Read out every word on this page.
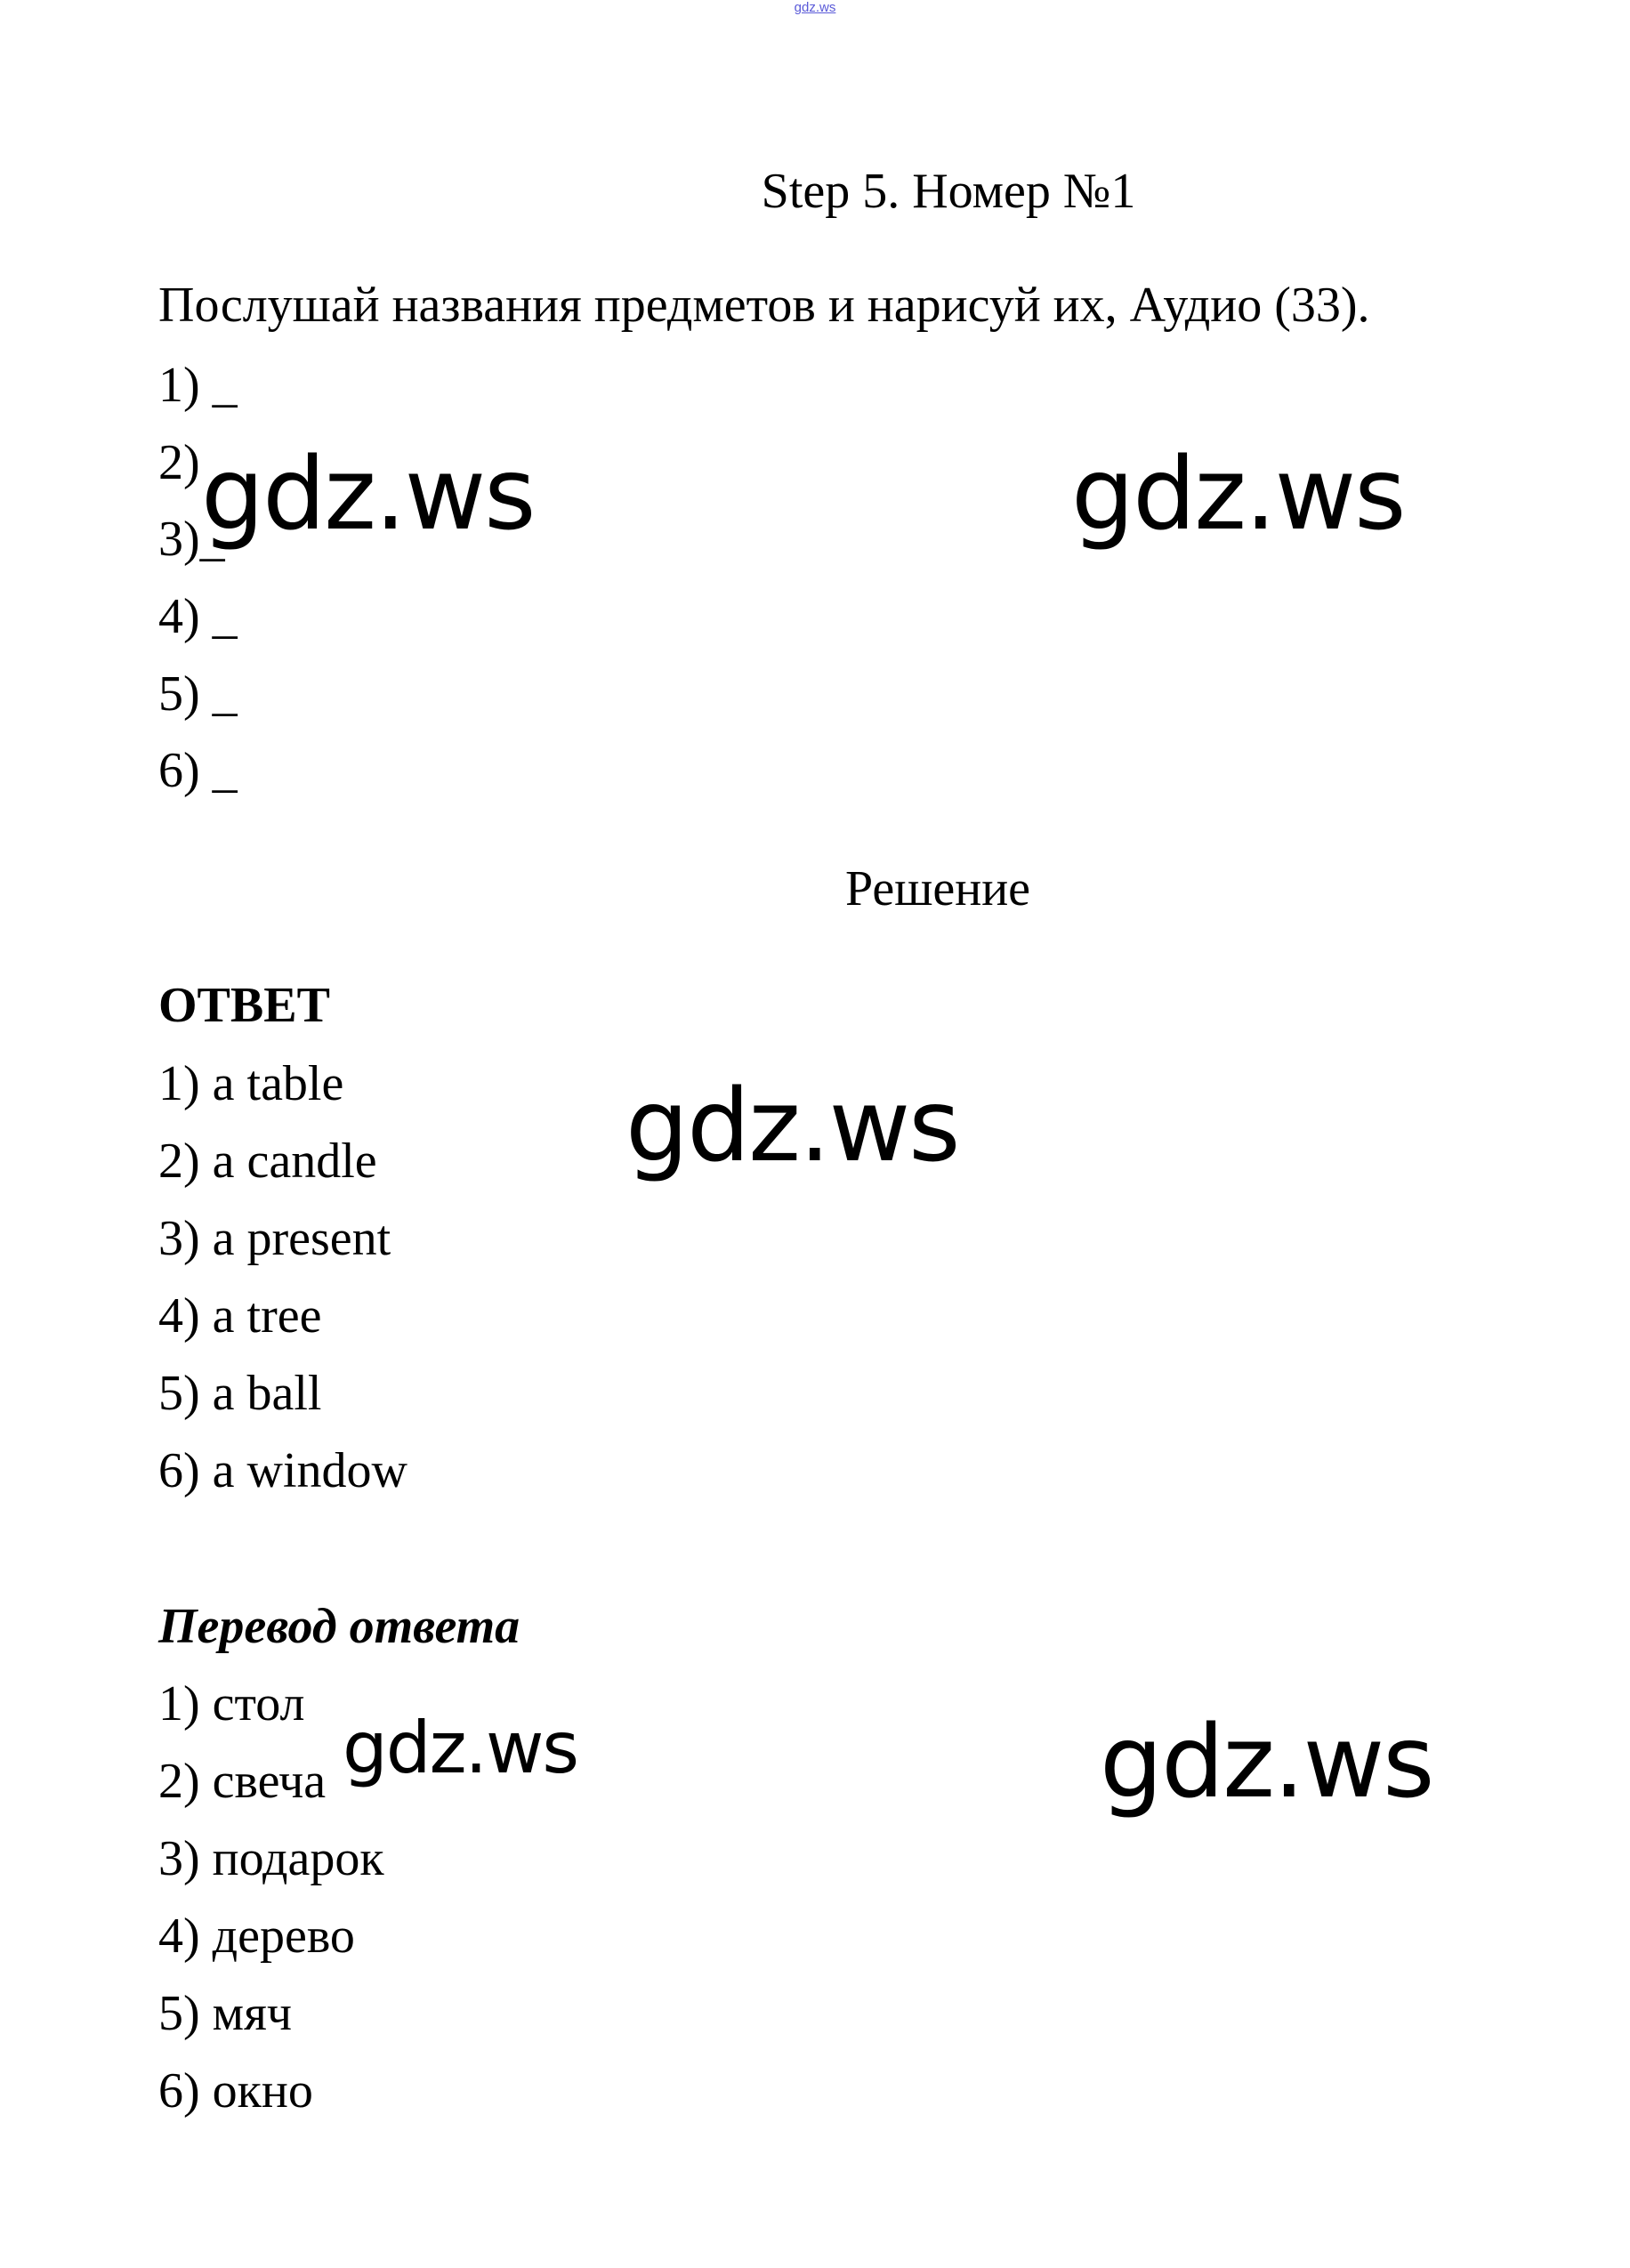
gdz.ws
Step 5. Номер №1
Послушай названия предметов и нарисуй их, Аудио (33).
1) _
2)
3)_
4) _
5) _
6) _
Решение
ОТВЕТ
1) a table
2) a candle
3) a present
4) a tree
5) a ball
6) a window
Перевод ответа
1) стол
2) свеча
3) подарок
4) дерево
5) мяч
6) окно
gdz.ws	gdz.ws
gdz.ws
gdz.ws	gdz.ws
